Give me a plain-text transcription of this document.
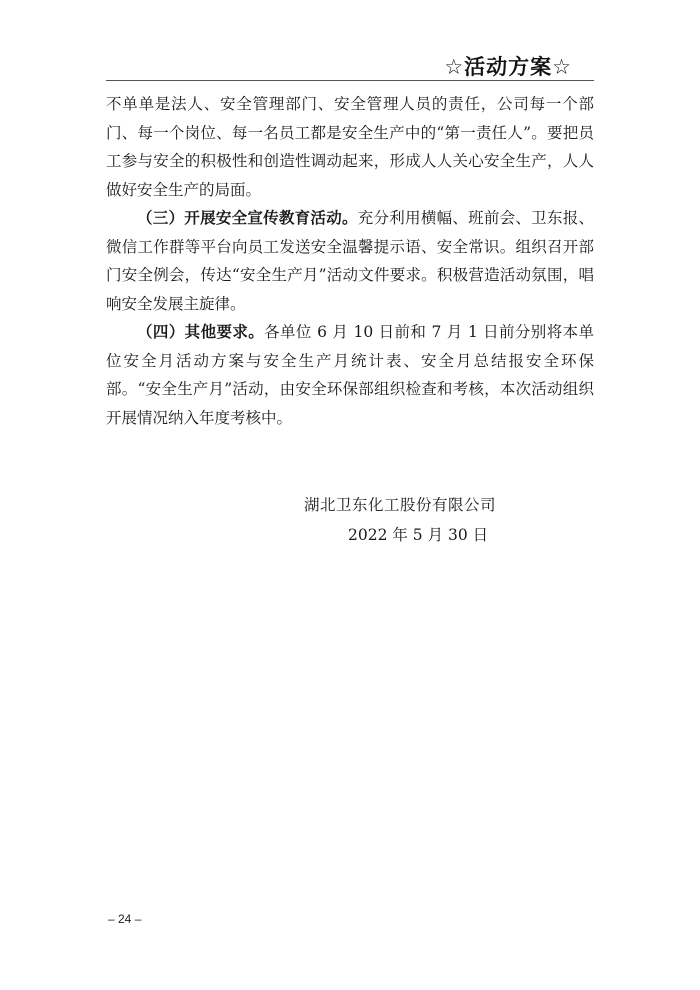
☆活动方案☆

不单单是法人、安全管理部门、安全管理人员的责任，公司每一个部门、每一个岗位、每一名员工都是安全生产中的“第一责任人”。要把员工参与安全的积极性和创造性调动起来，形成人人关心安全生产，人人做好安全生产的局面。

（三）开展安全宣传教育活动。充分利用横幅、班前会、卫东报、微信工作群等平台向员工发送安全温馨提示语、安全常识。组织召开部门安全例会，传达“安全生产月”活动文件要求。积极营造活动氛围，唱响安全发展主旋律。

（四）其他要求。各单位 6 月 10 日前和 7 月 1 日前分别将本单位安全月活动方案与安全生产月统计表、安全月总结报安全环保部。“安全生产月”活动，由安全环保部组织检查和考核，本次活动组织开展情况纳入年度考核中。

湖北卫东化工股份有限公司
2022 年 5 月 30 日
– 24 –
